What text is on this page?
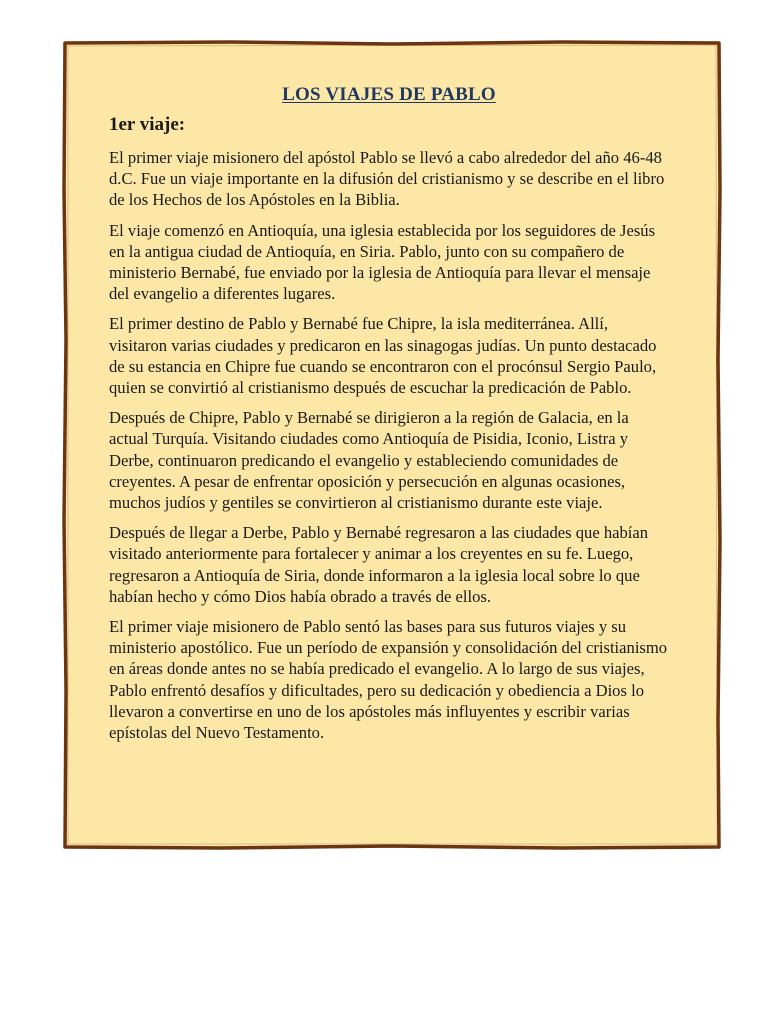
LOS VIAJES DE PABLO
1er viaje:

El primer viaje misionero del apóstol Pablo se llevó a cabo alrededor del año 46-48 d.C. Fue un viaje importante en la difusión del cristianismo y se describe en el libro de los Hechos de los Apóstoles en la Biblia.

El viaje comenzó en Antioquía, una iglesia establecida por los seguidores de Jesús en la antigua ciudad de Antioquía, en Siria. Pablo, junto con su compañero de ministerio Bernabé, fue enviado por la iglesia de Antioquía para llevar el mensaje del evangelio a diferentes lugares.

El primer destino de Pablo y Bernabé fue Chipre, la isla mediterránea. Allí, visitaron varias ciudades y predicaron en las sinagogas judías. Un punto destacado de su estancia en Chipre fue cuando se encontraron con el procónsul Sergio Paulo, quien se convirtió al cristianismo después de escuchar la predicación de Pablo.

Después de Chipre, Pablo y Bernabé se dirigieron a la región de Galacia, en la actual Turquía. Visitando ciudades como Antioquía de Pisidia, Iconio, Listra y Derbe, continuaron predicando el evangelio y estableciendo comunidades de creyentes. A pesar de enfrentar oposición y persecución en algunas ocasiones, muchos judíos y gentiles se convirtieron al cristianismo durante este viaje.

Después de llegar a Derbe, Pablo y Bernabé regresaron a las ciudades que habían visitado anteriormente para fortalecer y animar a los creyentes en su fe. Luego, regresaron a Antioquía de Siria, donde informaron a la iglesia local sobre lo que habían hecho y cómo Dios había obrado a través de ellos.

El primer viaje misionero de Pablo sentó las bases para sus futuros viajes y su ministerio apostólico. Fue un período de expansión y consolidación del cristianismo en áreas donde antes no se había predicado el evangelio. A lo largo de sus viajes, Pablo enfrentó desafíos y dificultades, pero su dedicación y obediencia a Dios lo llevaron a convertirse en uno de los apóstoles más influyentes y escribir varias epístolas del Nuevo Testamento.
